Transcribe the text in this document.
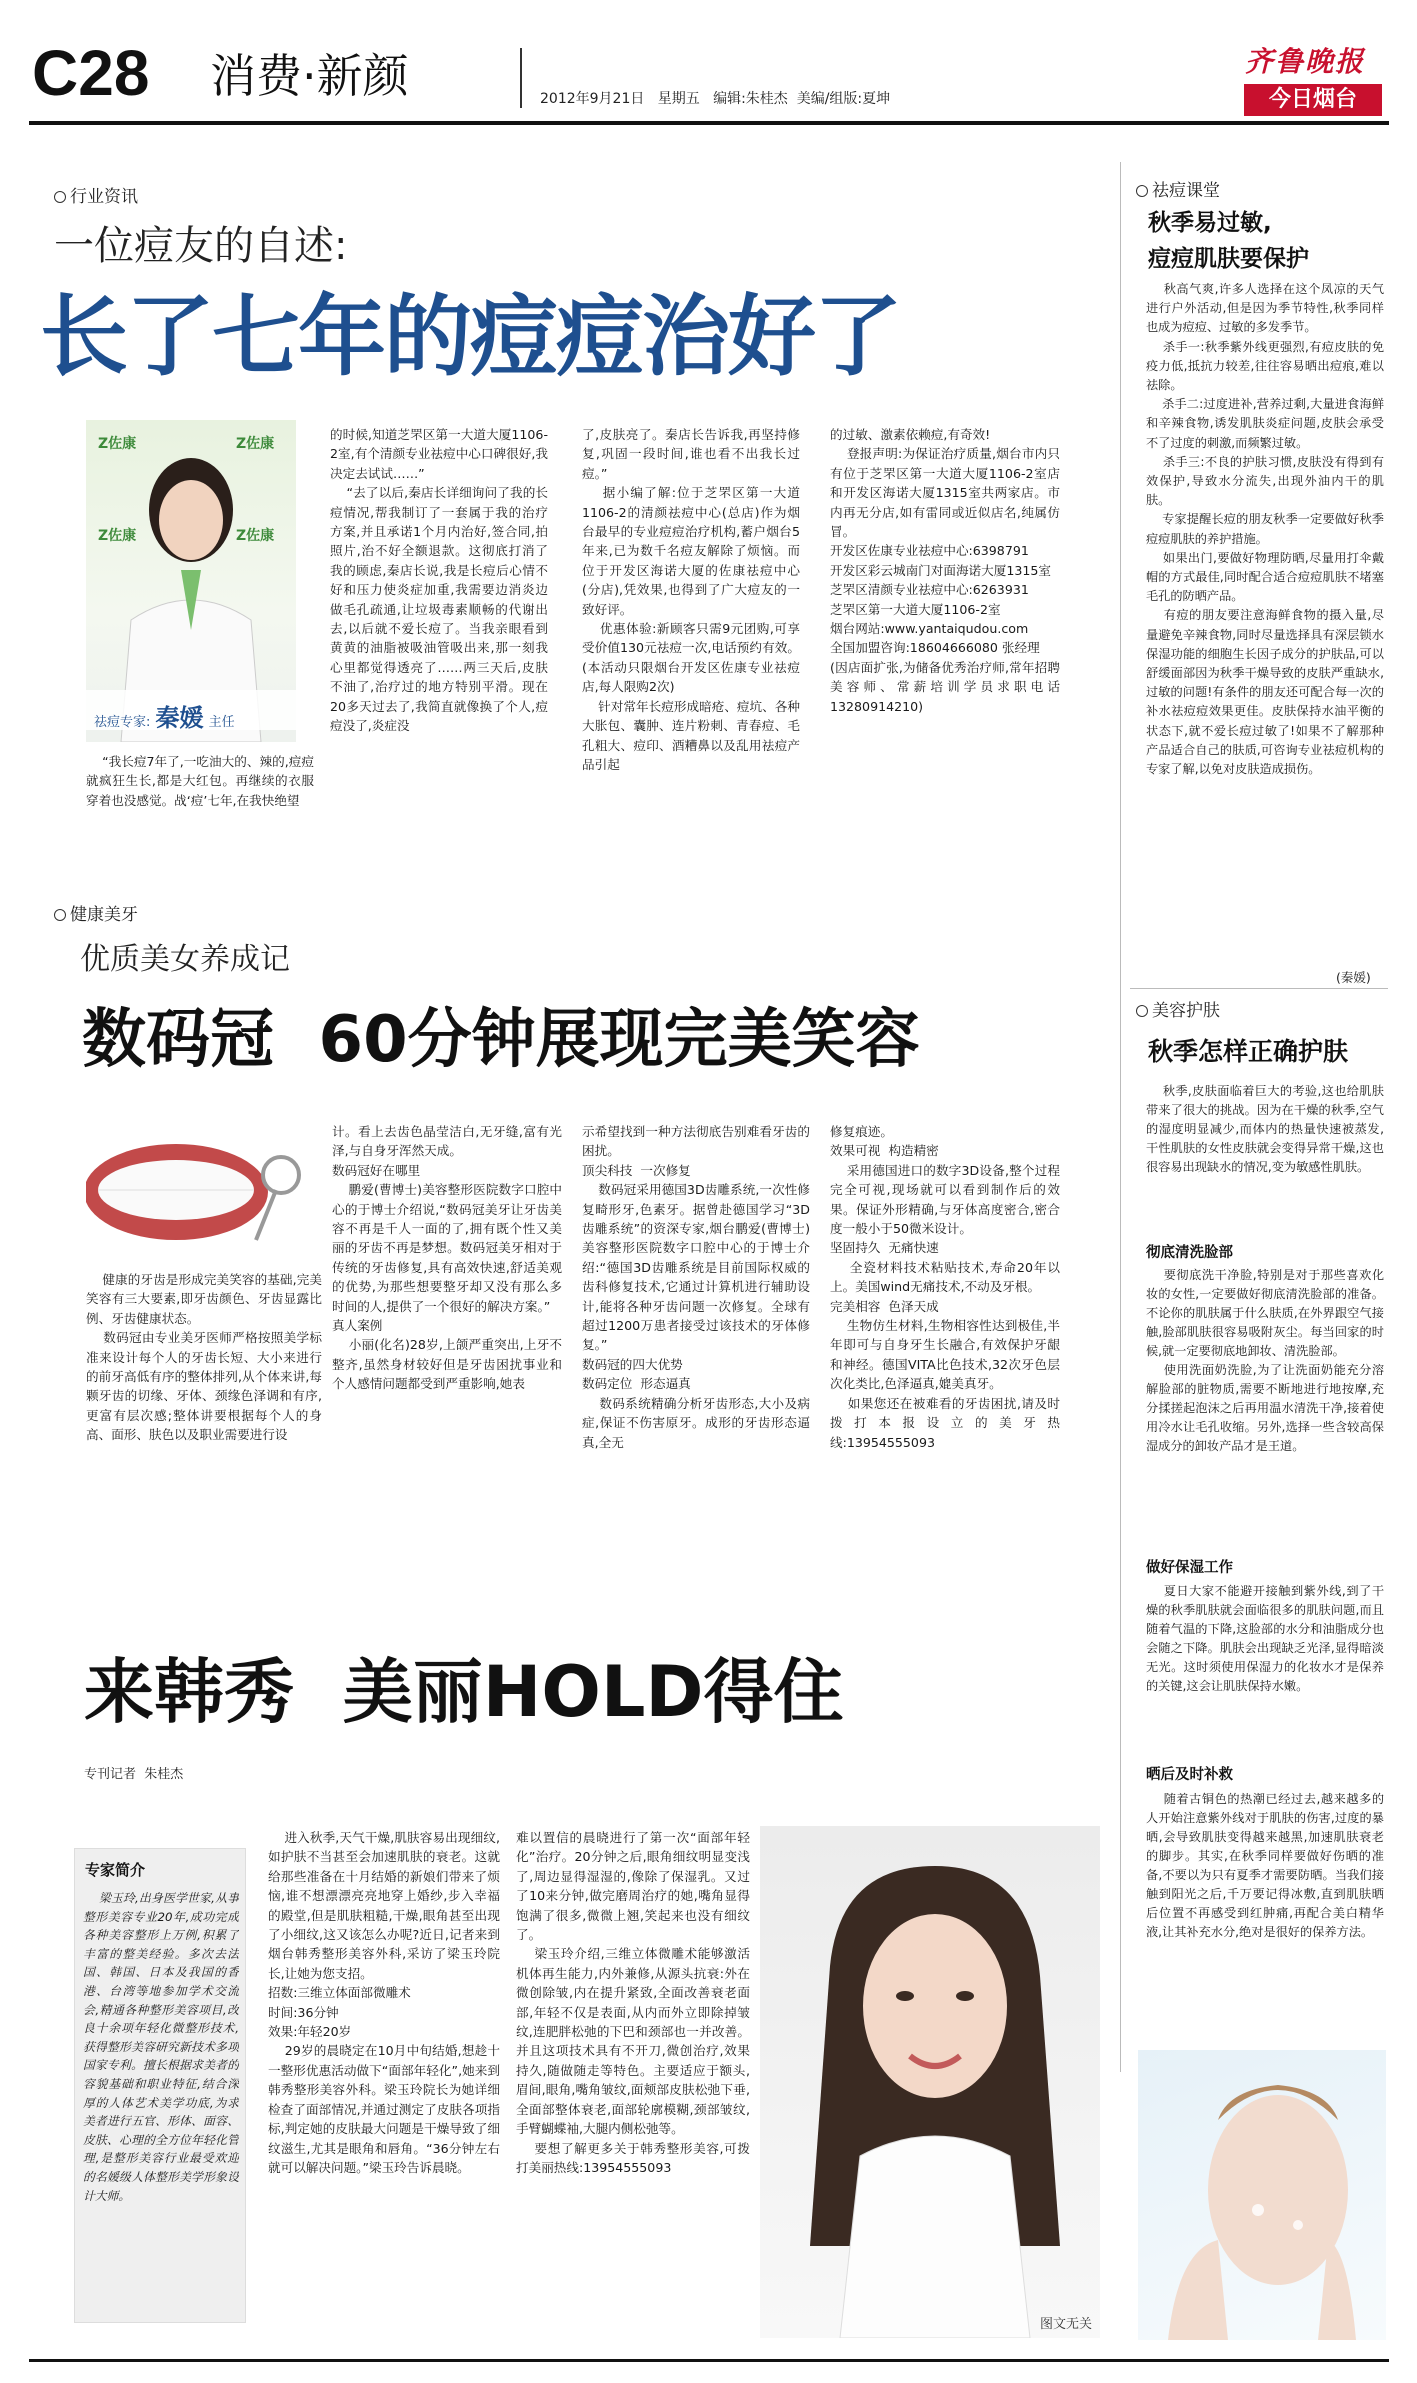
C28 消费·新颜	2012年9月21日 星期五 编辑:朱桂杰 美编/组版:夏坤
齐鲁晚报
今日烟台
行业资讯
一位痘友的自述:
长了七年的痘痘治好了
Z佐康	Z佐康
Z佐康	Z佐康
祛痘专家: 秦媛 主任
“我长痘7年了,一吃油大的、辣的,痘痘就疯狂生长,都是大红包。再继续的衣服穿着也没感觉。战‘痘’七年,在我快绝望
的时候,知道芝罘区第一大道大厦1106-2室,有个清颜专业祛痘中心口碑很好,我决定去试试……”
“去了以后,秦店长详细询问了我的长痘情况,帮我制订了一套属于我的治疗方案,并且承诺1个月内治好,签合同,拍照片,治不好全额退款。这彻底打消了我的顾虑,秦店长说,我是长痘后心情不好和压力使炎症加重,我需要边消炎边做毛孔疏通,让垃圾毒素顺畅的代谢出去,以后就不爱长痘了。当我亲眼看到黄黄的油脂被吸油管吸出来,那一刻我心里都觉得透亮了……两三天后,皮肤不油了,治疗过的地方特别平滑。现在20多天过去了,我简直就像换了个人,痘痘没了,炎症没
了,皮肤亮了。秦店长告诉我,再坚持修复,巩固一段时间,谁也看不出我长过痘。”
据小编了解:位于芝罘区第一大道1106-2的清颜祛痘中心(总店)作为烟台最早的专业痘痘治疗机构,蓄户烟台5年来,已为数千名痘友解除了烦恼。而位于开发区海诺大厦的佐康祛痘中心(分店),凭效果,也得到了广大痘友的一致好评。
优惠体验:新顾客只需9元团购,可享受价值130元祛痘一次,电话预约有效。(本活动只限烟台开发区佐康专业祛痘店,每人限购2次)
针对常年长痘形成暗疮、痘坑、各种大胀包、囊肿、连片粉刺、青春痘、毛孔粗大、痘印、酒糟鼻以及乱用祛痘产品引起
的过敏、激素依赖痘,有奇效!
登报声明:为保证治疗质量,烟台市内只有位于芝罘区第一大道大厦1106-2室店和开发区海诺大厦1315室共两家店。市内再无分店,如有雷同或近似店名,纯属仿冒。
开发区佐康专业祛痘中心:6398791
开发区彩云城南门对面海诺大厦1315室
芝罘区清颜专业祛痘中心:6263931
芝罘区第一大道大厦1106-2室
烟台网站:www.yantaiqudou.com
全国加盟咨询:18604666080 张经理
(因店面扩张,为储备优秀治疗师,常年招聘美容师、常薪培训学员求职电话13280914210)
健康美牙
优质美女养成记
数码冠  60分钟展现完美笑容
健康的牙齿是形成完美笑容的基础,完美笑容有三大要素,即牙齿颜色、牙齿显露比例、牙齿健康状态。
数码冠由专业美牙医师严格按照美学标准来设计每个人的牙齿长短、大小来进行的前牙高低有序的整体排列,从个体来讲,每颗牙齿的切缘、牙体、颈缘色泽调和有序,更富有层次感;整体讲要根据每个人的身高、面形、肤色以及职业需要进行设
计。看上去齿色晶莹洁白,无牙缝,富有光泽,与自身牙浑然天成。
数码冠好在哪里
鹏爱(曹博士)美容整形医院数字口腔中心的于博士介绍说,“数码冠美牙让牙齿美容不再是千人一面的了,拥有既个性又美丽的牙齿不再是梦想。数码冠美牙相对于传统的牙齿修复,具有高效快速,舒适美观的优势,为那些想要整牙却又没有那么多时间的人,提供了一个很好的解决方案。”
真人案例
小丽(化名)28岁,上颌严重突出,上牙不整齐,虽然身材较好但是牙齿困扰事业和个人感情问题都受到严重影响,她表
示希望找到一种方法彻底告别难看牙齿的困扰。
顶尖科技  一次修复
数码冠采用德国3D齿雕系统,一次性修复畸形牙,色素牙。据曾赴德国学习“3D齿雕系统”的资深专家,烟台鹏爱(曹博士)美容整形医院数字口腔中心的于博士介绍:“德国3D齿雕系统是目前国际权威的齿科修复技术,它通过计算机进行辅助设计,能将各种牙齿问题一次修复。全球有超过1200万患者接受过该技术的牙体修复。”
数码冠的四大优势
数码定位  形态逼真
数码系统精确分析牙齿形态,大小及病症,保证不伤害原牙。成形的牙齿形态逼真,全无
修复痕迹。
效果可视  构造精密
采用德国进口的数字3D设备,整个过程完全可视,现场就可以看到制作后的效果。保证外形精确,与牙体高度密合,密合度一般小于50微米设计。
坚固持久  无痛快速
全瓷材料技术粘贴技术,寿命20年以上。美国wind无痛技术,不动及牙根。
完美相容  色泽天成
生物仿生材料,生物相容性达到极佳,半年即可与自身牙生长融合,有效保护牙龈和神经。德国VITA比色技术,32次牙色层次化类比,色泽逼真,媲美真牙。
如果您还在被难看的牙齿困扰,请及时拨打本报设立的美牙热线:13954555093
来韩秀  美丽HOLD得住
专刊记者  朱桂杰
专家简介
梁玉玲,出身医学世家,从事整形美容专业20年,成功完成各种美容整形上万例,积累了丰富的整美经验。多次去法国、韩国、日本及我国的香港、台湾等地参加学术交流会,精通各种整形美容项目,改良十余项年轻化微整形技术,获得整形美容研究新技术多项国家专利。擅长根据求美者的容貌基础和职业特征,结合深厚的人体艺术美学功底,为求美者进行五官、形体、面容、皮肤、心理的全方位年轻化管理,是整形美容行业最受欢迎的名媛级人体整形美学形象设计大师。
进入秋季,天气干燥,肌肤容易出现细纹,如护肤不当甚至会加速肌肤的衰老。这就给那些准备在十月结婚的新娘们带来了烦恼,谁不想漂漂亮亮地穿上婚纱,步入幸福的殿堂,但是肌肤粗糙,干燥,眼角甚至出现了小细纹,这又该怎么办呢?近日,记者来到烟台韩秀整形美容外科,采访了梁玉玲院长,让她为您支招。
招数:三维立体面部微雕术
时间:36分钟
效果:年轻20岁
29岁的晨晓定在10月中旬结婚,想趁十一整形优惠活动做下“面部年轻化”,她来到韩秀整形美容外科。梁玉玲院长为她详细检查了面部情况,并通过测定了皮肤各项指标,判定她的皮肤最大问题是干燥导致了细纹滋生,尤其是眼角和唇角。“36分钟左右就可以解决问题。”梁玉玲告诉晨晓。
难以置信的晨晓进行了第一次“面部年轻化”治疗。20分钟之后,眼角细纹明显变浅了,周边显得湿湿的,像除了保湿乳。又过了10来分钟,做完磨周治疗的她,嘴角显得饱满了很多,微微上翘,笑起来也没有细纹了。
梁玉玲介绍,三维立体微雕术能够激活机体再生能力,内外兼修,从源头抗衰:外在微创除皱,内在提升紧致,全面改善衰老面部,年轻不仅是表面,从内而外立即除掉皱纹,连肥胖松弛的下巴和颈部也一并改善。并且这项技术具有不开刀,微创治疗,效果持久,随做随走等特色。主要适应于额头,眉间,眼角,嘴角皱纹,面颊部皮肤松弛下垂,全面部整体衰老,面部轮廓模糊,颈部皱纹,手臂蝴蝶袖,大腿内侧松弛等。
要想了解更多关于韩秀整形美容,可拨打美丽热线:13954555093
图文无关
祛痘课堂
秋季易过敏,
痘痘肌肤要保护
秋高气爽,许多人选择在这个凤凉的天气进行户外活动,但是因为季节特性,秋季同样也成为痘痘、过敏的多发季节。
杀手一:秋季紫外线更强烈,有痘皮肤的免疫力低,抵抗力较差,往往容易晒出痘痕,难以祛除。
杀手二:过度进补,营养过剩,大量进食海鲜和辛辣食物,诱发肌肤炎症问题,皮肤会承受不了过度的刺激,而频繁过敏。
杀手三:不良的护肤习惯,皮肤没有得到有效保护,导致水分流失,出现外油内干的肌肤。
专家提醒长痘的朋友秋季一定要做好秋季痘痘肌肤的养护措施。
如果出门,要做好物理防晒,尽量用打伞戴帽的方式最佳,同时配合适合痘痘肌肤不堵塞毛孔的防晒产品。
有痘的朋友要注意海鲜食物的摄入量,尽量避免辛辣食物,同时尽量选择具有深层锁水保湿功能的细胞生长因子成分的护肤品,可以舒缓面部因为秋季干燥导致的皮肤严重缺水,过敏的问题!有条件的朋友还可配合每一次的补水祛痘痘效果更佳。皮肤保持水油平衡的状态下,就不爱长痘过敏了!如果不了解那种产品适合自己的肤质,可咨询专业祛痘机构的专家了解,以免对皮肤造成损伤。
(秦媛)
美容护肤
秋季怎样正确护肤
秋季,皮肤面临着巨大的考验,这也给肌肤带来了很大的挑战。因为在干燥的秋季,空气的湿度明显减少,而体内的热量快速被蒸发,干性肌肤的女性皮肤就会变得异常干燥,这也很容易出现缺水的情况,变为敏感性肌肤。
彻底清洗脸部
要彻底洗干净脸,特别是对于那些喜欢化妆的女性,一定要做好彻底清洗脸部的准备。不论你的肌肤属于什么肤质,在外界跟空气接触,脸部肌肤很容易吸附灰尘。每当回家的时候,就一定要彻底地卸妆、清洗脸部。
使用洗面奶洗脸,为了让洗面奶能充分溶解脸部的脏物质,需要不断地进行地按摩,充分揉搓起泡沫之后再用温水清洗干净,接着使用冷水让毛孔收缩。另外,选择一些含较高保湿成分的卸妆产品才是王道。
做好保湿工作
夏日大家不能避开接触到紫外线,到了干燥的秋季肌肤就会面临很多的肌肤问题,而且随着气温的下降,这脸部的水分和油脂成分也会随之下降。肌肤会出现缺乏光泽,显得暗淡无光。这时须使用保湿力的化妆水才是保养的关键,这会让肌肤保持水嫩。
晒后及时补救
随着古铜色的热潮已经过去,越来越多的人开始注意紫外线对于肌肤的伤害,过度的暴晒,会导致肌肤变得越来越黑,加速肌肤衰老的脚步。其实,在秋季同样要做好伤晒的准备,不要以为只有夏季才需要防晒。当我们接触到阳光之后,千万要记得冰敷,直到肌肤晒后位置不再感受到红肿痛,再配合美白精华液,让其补充水分,绝对是很好的保养方法。
